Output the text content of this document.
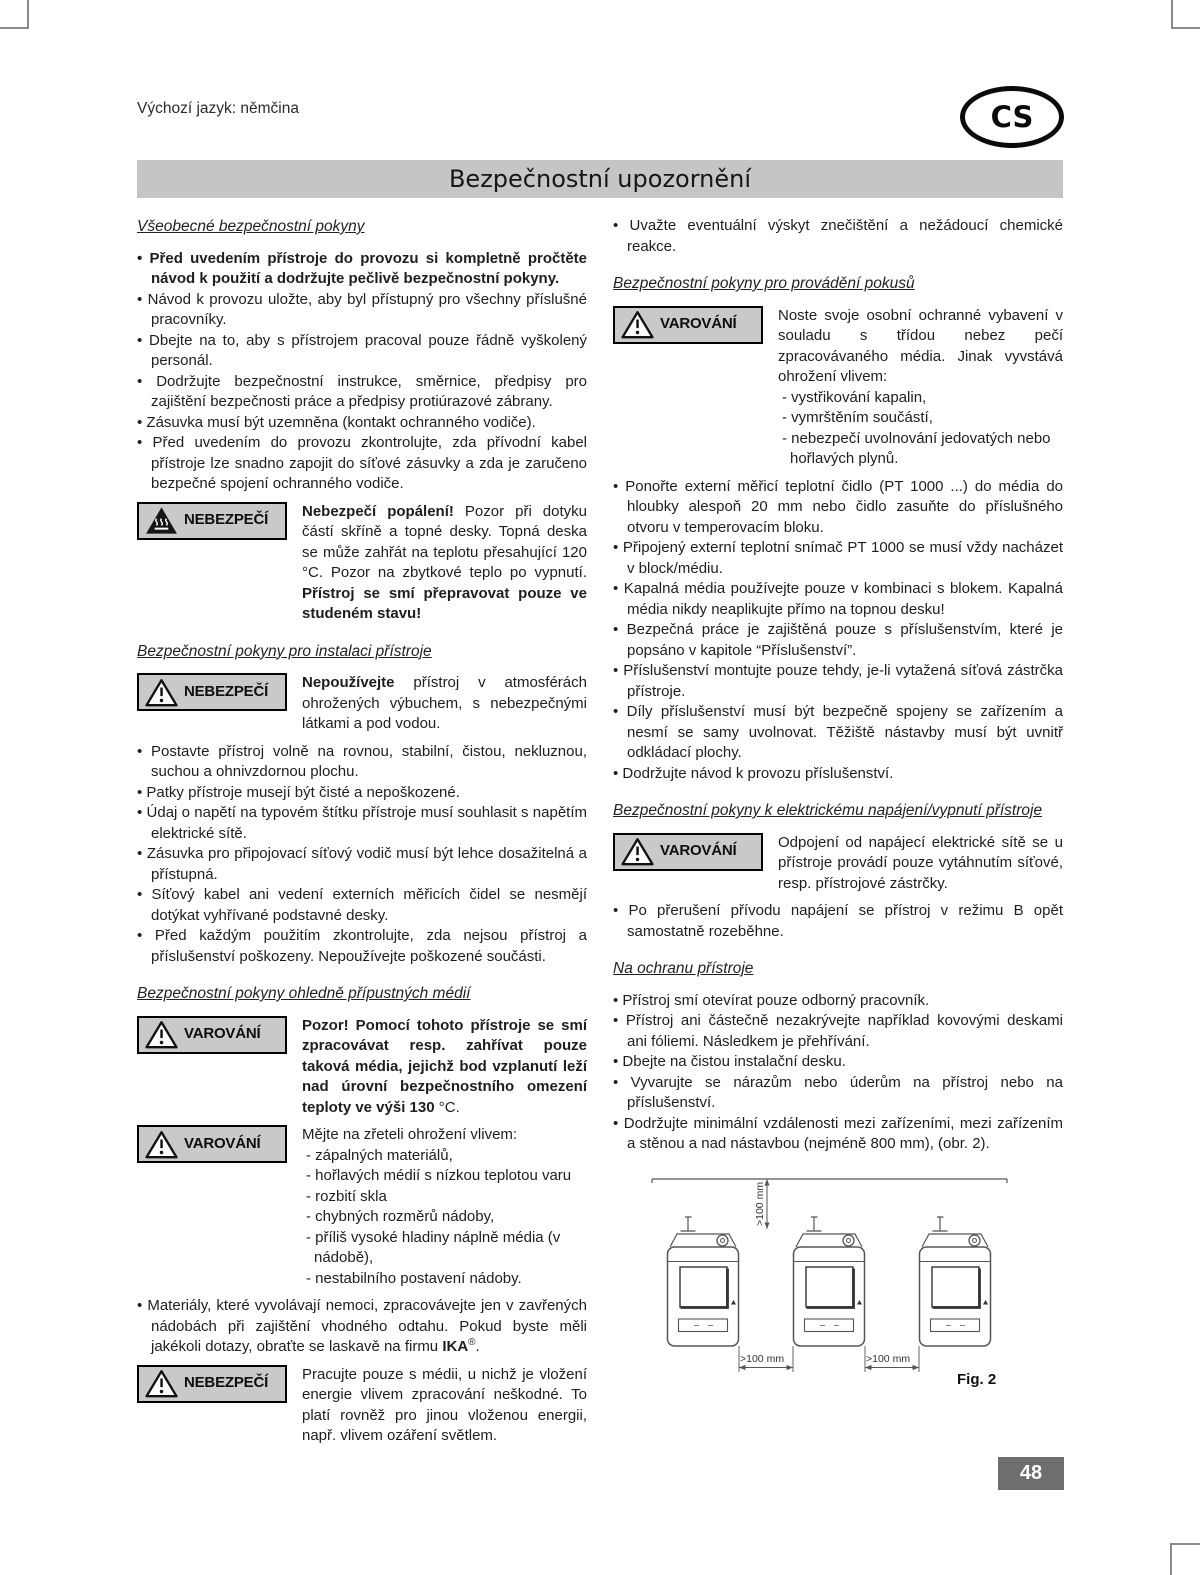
Výchozí jazyk: němčina	CS
Bezpečnostní upozornění
Všeobecné bezpečnostní pokyny
• Před uvedením přístroje do provozu si kompletně pročtěte návod k použití a dodržujte pečlivě bezpečnostní pokyny.
• Návod k provozu uložte, aby byl přístupný pro všechny příslušné pracovníky.
• Dbejte na to, aby s přístrojem pracoval pouze řádně vyškolený personál.
• Dodržujte bezpečnostní instrukce, směrnice, předpisy pro zajištění bezpečnosti práce a předpisy protiúrazové zábrany.
• Zásuvka musí být uzemněna (kontakt ochranného vodiče).
• Před uvedením do provozu zkontrolujte, zda přívodní kabel přístroje lze snadno zapojit do síťové zásuvky a zda je zaručeno bezpečné spojení ochranného vodiče.
NEBEZPEČÍ
Nebezpečí popálení! Pozor při dotyku částí skříně a topné desky. Topná deska se může zahřát na teplotu přesahující 120 °C. Pozor na zbytkové teplo po vypnutí. Přístroj se smí přepravovat pouze ve studeném stavu!
Bezpečnostní pokyny pro instalaci přístroje
NEBEZPEČÍ
Nepoužívejte přístroj v atmosférách ohrožených výbuchem, s nebezpečnými látkami a pod vodou.
• Postavte přístroj volně na rovnou, stabilní, čistou, nekluznou, suchou a ohnivzdornou plochu.
• Patky přístroje musejí být čisté a nepoškozené.
• Údaj o napětí na typovém štítku přístroje musí souhlasit s napětím elektrické sítě.
• Zásuvka pro připojovací síťový vodič musí být lehce dosažitelná a přístupná.
• Síťový kabel ani vedení externích měřicích čidel se nesmějí dotýkat vyhřívané podstavné desky.
• Před každým použitím zkontrolujte, zda nejsou přístroj a příslušenství poškozeny. Nepoužívejte poškozené součásti.
Bezpečnostní pokyny ohledně přípustných médií
VAROVÁNÍ
Pozor! Pomocí tohoto přístroje se smí zpracovávat resp. zahřívat pouze taková média, jejichž bod vzplanutí leží nad úrovní bezpečnostního omezení teploty ve výši 130 °C.
VAROVÁNÍ
Mějte na zřeteli ohrožení vlivem:
- zápalných materiálů,
- hořlavých médií s nízkou teplotou varu
- rozbití skla
- chybných rozměrů nádoby,
- příliš vysoké hladiny náplně média (v nádobě),
- nestabilního postavení nádoby.
• Materiály, které vyvolávají nemoci, zpracovávejte jen v zavřených nádobách při zajištění vhodného odtahu. Pokud byste měli jakékoli dotazy, obraťte se laskavě na firmu IKA®.
NEBEZPEČÍ
Pracujte pouze s médii, u nichž je vložení energie vlivem zpracování neškodné. To platí rovněž pro jinou vloženou energii, např. vlivem ozáření světlem.
• Uvažte eventuální výskyt znečištění a nežádoucí chemické reakce.
Bezpečnostní pokyny pro provádění pokusů
VAROVÁNÍ
Noste svoje osobní ochranné vybavení v souladu s třídou nebez pečí zpracovávaného média. Jinak vyvstává ohrožení vlivem:
- vystřikování kapalin,
- vymrštěním součástí,
- nebezpečí uvolnování jedovatých nebo hořlavých plynů.
• Ponořte externí měřicí teplotní čidlo (PT 1000 ...) do média do hloubky alespoň 20 mm nebo čidlo zasuňte do příslušného otvoru v temperovacím bloku.
• Připojený externí teplotní snímač PT 1000 se musí vždy nacházet v block/médiu.
• Kapalná média používejte pouze v kombinaci s blokem. Kapalná média nikdy neaplikujte přímo na topnou desku!
• Bezpečná práce je zajištěná pouze s příslušenstvím, které je popsáno v kapitole “Příslušenství”.
• Příslušenství montujte pouze tehdy, je-li vytažená síťová zástrčka přístroje.
• Díly příslušenství musí být bezpečně spojeny se zařízením a nesmí se samy uvolnovat. Těžiště nástavby musí být uvnitř odkládací plochy.
• Dodržujte návod k provozu příslušenství.
Bezpečnostní pokyny k elektrickému napájení/vypnutí přístroje
VAROVÁNÍ
Odpojení od napájecí elektrické sítě se u přístroje provádí pouze vytáhnutím síťové, resp. přístrojové zástrčky.
• Po přerušení přívodu napájení se přístroj v režimu B opět samostatně rozeběhne.
Na ochranu přístroje
• Přístroj smí otevírat pouze odborný pracovník.
• Přístroj ani částečně nezakrývejte například kovovými deskami ani fóliemi. Následkem je přehřívání.
• Dbejte na čistou instalační desku.
• Vyvarujte se nárazům nebo úderům na přístroj nebo na příslušenství.
• Dodržujte minimální vzdálenosti mezi zařízeními, mezi zařízením a stěnou a nad nástavbou (nejméně 800 mm), (obr. 2).
>100 mm
>100 mm	>100 mm
Fig. 2
48
